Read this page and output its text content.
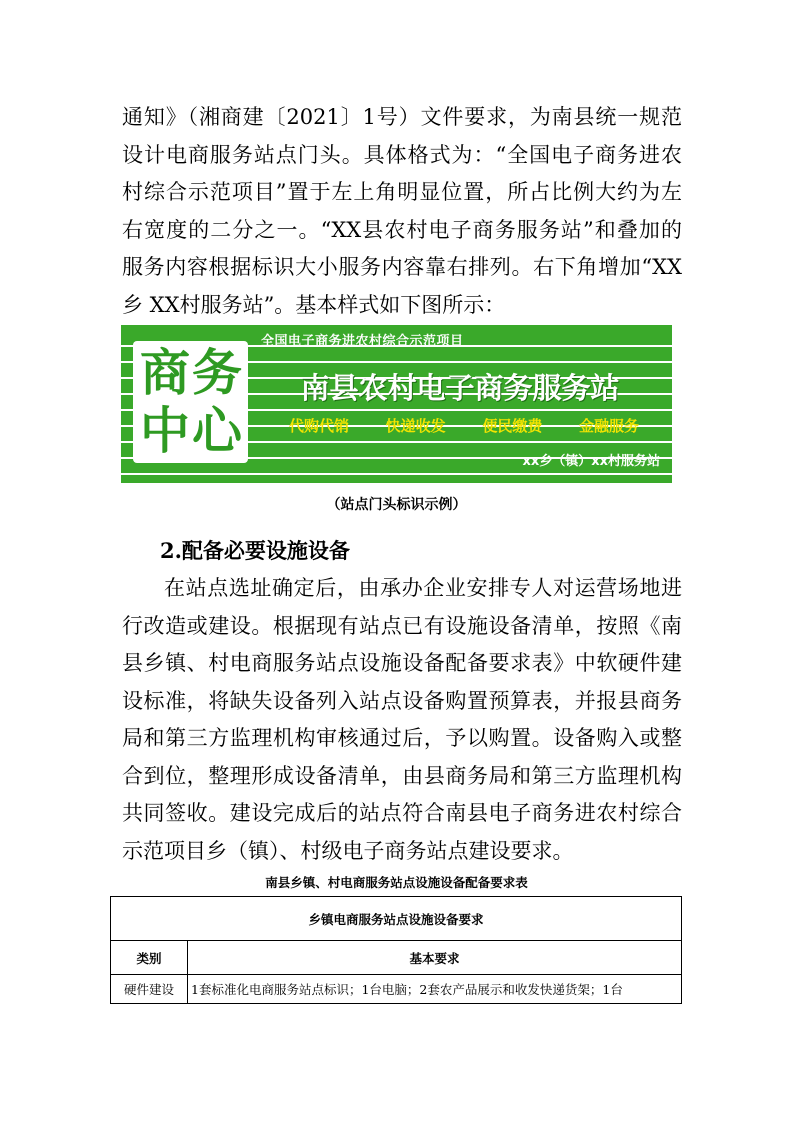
通知》（湘商建〔2021〕1号）文件要求，为南县统一规范
设计电商服务站点门头。具体格式为：“全国电子商务进农
村综合示范项目”置于左上角明显位置，所占比例大约为左
右宽度的二分之一。“XX县农村电子商务服务站”和叠加的
服务内容根据标识大小服务内容靠右排列。右下角增加“XX
乡 XX村服务站”。基本样式如下图所示：
商 务
中 心
全国电子商务进农村综合示范项目
南县农村电子商务服务站
代购代销 快递收发 便民缴费 金融服务
xx乡（镇）xx村服务站
（站点门头标识示例）
2.配备必要设施设备
在站点选址确定后，由承办企业安排专人对运营场地进
行改造或建设。根据现有站点已有设施设备清单，按照《南
县乡镇、村电商服务站点设施设备配备要求表》中软硬件建
设标准，将缺失设备列入站点设备购置预算表，并报县商务
局和第三方监理机构审核通过后，予以购置。设备购入或整
合到位，整理形成设备清单，由县商务局和第三方监理机构
共同签收。建设完成后的站点符合南县电子商务进农村综合
示范项目乡（镇）、村级电子商务站点建设要求。
南县乡镇、村电商服务站点设施设备配备要求表
乡镇电商服务站点设施设备要求
类别	基本要求
硬件建设	1套标准化电商服务站点标识；1台电脑；2套农产品展示和收发快递货架；1台
